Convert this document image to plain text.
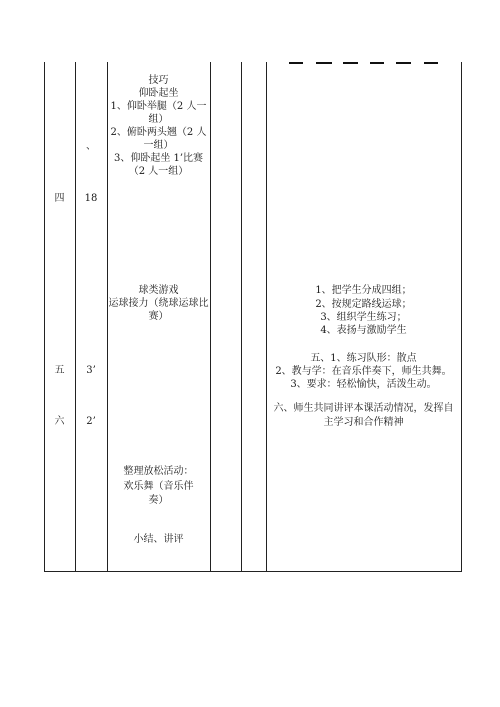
四
五
六
、
18
3’
2’
技巧
仰卧起坐
1、仰卧举腿（2 人一
组）
2、俯卧两头翘（2 人
一组）
3、仰卧起坐 1’比赛
（2 人一组）
球类游戏
运球接力（绕球运球比
赛）
整理放松活动：
欢乐舞（音乐伴
奏）
小结、讲评
1、把学生分成四组；
2、按规定路线运球；
3、组织学生练习；
4、表扬与激励学生
五、1、练习队形：散点
2、教与学：在音乐伴奏下，师生共舞。
3、要求：轻松愉快，活泼生动。
六、师生共同讲评本课活动情况，发挥自
主学习和合作精神
